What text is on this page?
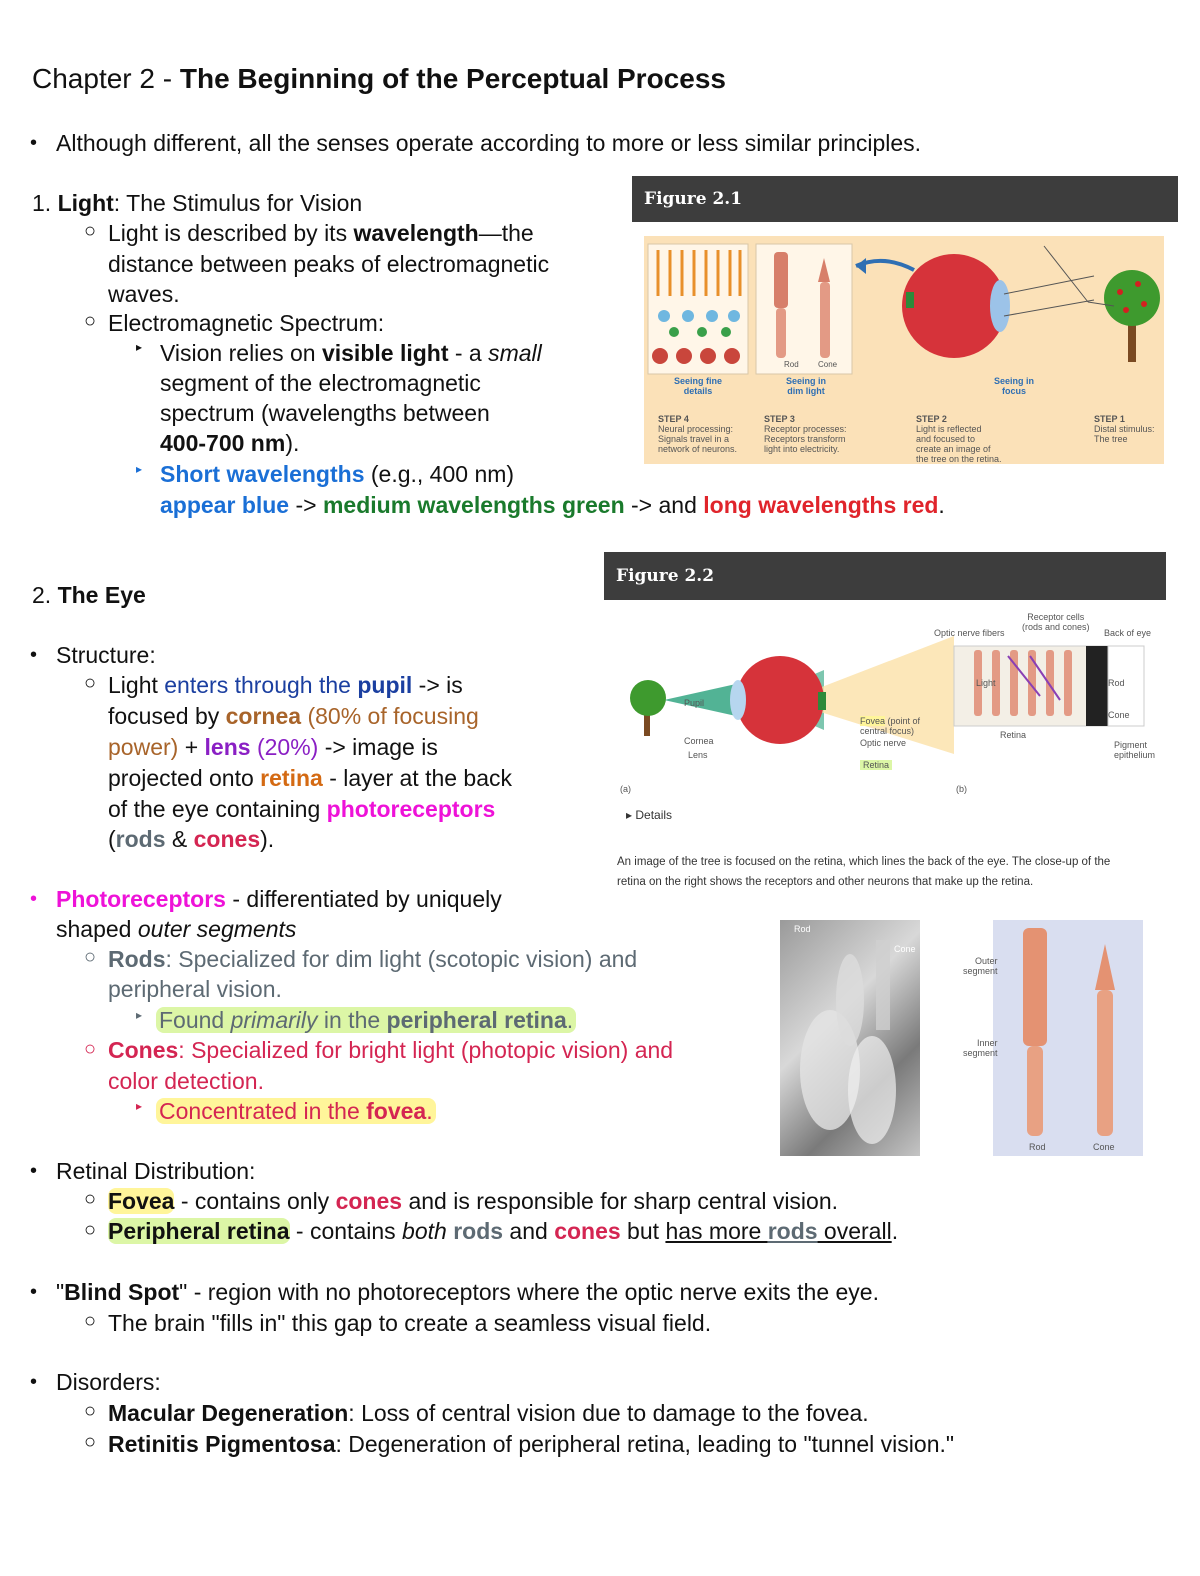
Chapter 2 - The Beginning of the Perceptual Process
• Although different, all the senses operate according to more or less similar principles.
1. Light: The Stimulus for Vision
○ Light is described by its wavelength—the
distance between peaks of electromagnetic
waves.
○ Electromagnetic Spectrum:
▸ Vision relies on visible light - a small
segment of the electromagnetic
spectrum (wavelengths between
400-700 nm).
▸ Short wavelengths (e.g., 400 nm)
appear blue -> medium wavelengths green -> and long wavelengths red.
Figure 2.1
Rod Cone
Seeing fine
details
Seeing in
dim light
Seeing in
focus
STEP 4
Neural processing:
Signals travel in a
network of neurons.
STEP 3
Receptor processes:
Receptors transform
light into electricity.
STEP 2
Light is reflected
and focused to
create an image of
the tree on the retina.
STEP 1
Distal stimulus:
The tree
2. The Eye
• Structure:
○ Light enters through the pupil -> is
focused by cornea (80% of focusing
power) + lens (20%) -> image is
projected onto retina - layer at the back
of the eye containing photoreceptors
(rods & cones).
Figure 2.2
Receptor cells
(rods and cones)
Optic nerve fibers	Back of eye
Light	Rod
Cone
Retina
Pigment
epithelium
Pupil
Cornea
Lens
Fovea (point of
central focus)
Optic nerve
Retina
(a)	(b)
▸ Details
An image of the tree is focused on the retina, which lines the back of the eye. The close-up of the
retina on the right shows the receptors and other neurons that make up the retina.
• Photoreceptors - differentiated by uniquely
shaped outer segments
○ Rods: Specialized for dim light (scotopic vision) and
peripheral vision.
▸ Found primarily in the peripheral retina.
○ Cones: Specialized for bright light (photopic vision) and
color detection.
▸ Concentrated in the fovea.
Rod
Cone
Outer
segment
Inner
segment
Rod	Cone
• Retinal Distribution:
○ Fovea - contains only cones and is responsible for sharp central vision.
○ Peripheral retina - contains both rods and cones but has more rods overall.
• "Blind Spot" - region with no photoreceptors where the optic nerve exits the eye.
○ The brain "fills in" this gap to create a seamless visual field.
• Disorders:
○ Macular Degeneration: Loss of central vision due to damage to the fovea.
○ Retinitis Pigmentosa: Degeneration of peripheral retina, leading to "tunnel vision."
